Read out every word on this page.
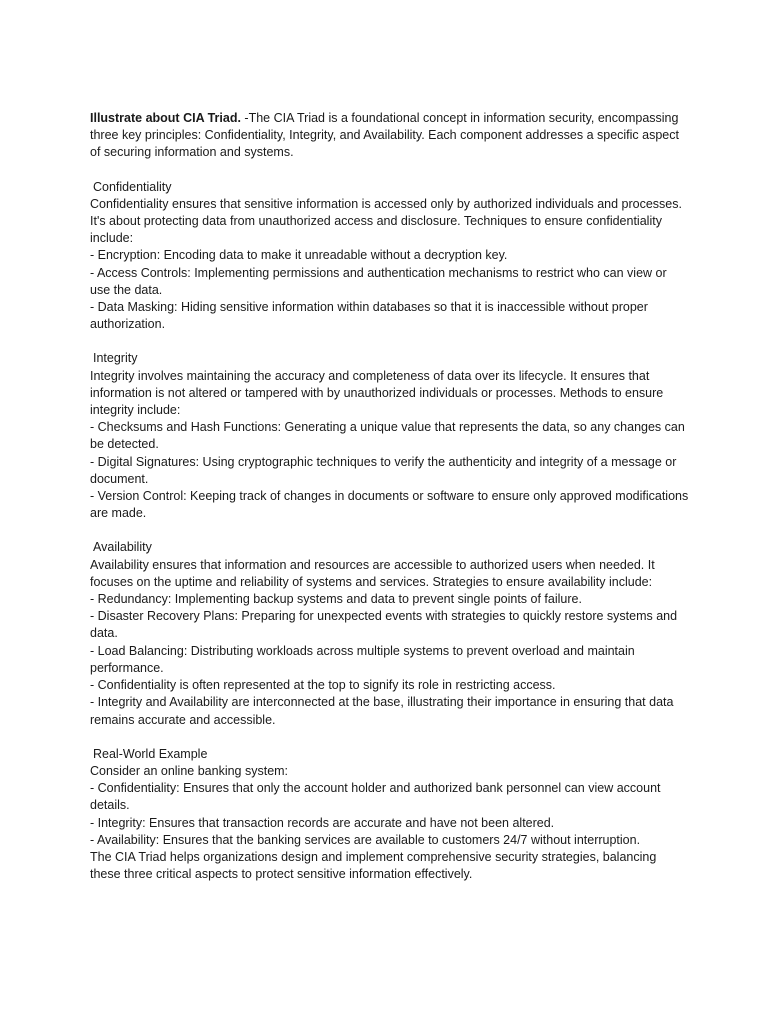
Illustrate about CIA Triad. -The CIA Triad is a foundational concept in information security, encompassing three key principles: Confidentiality, Integrity, and Availability. Each component addresses a specific aspect of securing information and systems.

Confidentiality
Confidentiality ensures that sensitive information is accessed only by authorized individuals and processes. It's about protecting data from unauthorized access and disclosure. Techniques to ensure confidentiality include:
- Encryption: Encoding data to make it unreadable without a decryption key.
- Access Controls: Implementing permissions and authentication mechanisms to restrict who can view or use the data.
- Data Masking: Hiding sensitive information within databases so that it is inaccessible without proper authorization.
Integrity
Integrity involves maintaining the accuracy and completeness of data over its lifecycle. It ensures that information is not altered or tampered with by unauthorized individuals or processes. Methods to ensure integrity include:
- Checksums and Hash Functions: Generating a unique value that represents the data, so any changes can be detected.
- Digital Signatures: Using cryptographic techniques to verify the authenticity and integrity of a message or document.
- Version Control: Keeping track of changes in documents or software to ensure only approved modifications are made.
Availability
Availability ensures that information and resources are accessible to authorized users when needed. It focuses on the uptime and reliability of systems and services. Strategies to ensure availability include:
- Redundancy: Implementing backup systems and data to prevent single points of failure.
- Disaster Recovery Plans: Preparing for unexpected events with strategies to quickly restore systems and data.
- Load Balancing: Distributing workloads across multiple systems to prevent overload and maintain performance.
- Confidentiality is often represented at the top to signify its role in restricting access.
- Integrity and Availability are interconnected at the base, illustrating their importance in ensuring that data remains accurate and accessible.
Real-World Example
Consider an online banking system:
- Confidentiality: Ensures that only the account holder and authorized bank personnel can view account details.
- Integrity: Ensures that transaction records are accurate and have not been altered.
- Availability: Ensures that the banking services are available to customers 24/7 without interruption.
The CIA Triad helps organizations design and implement comprehensive security strategies, balancing these three critical aspects to protect sensitive information effectively.
